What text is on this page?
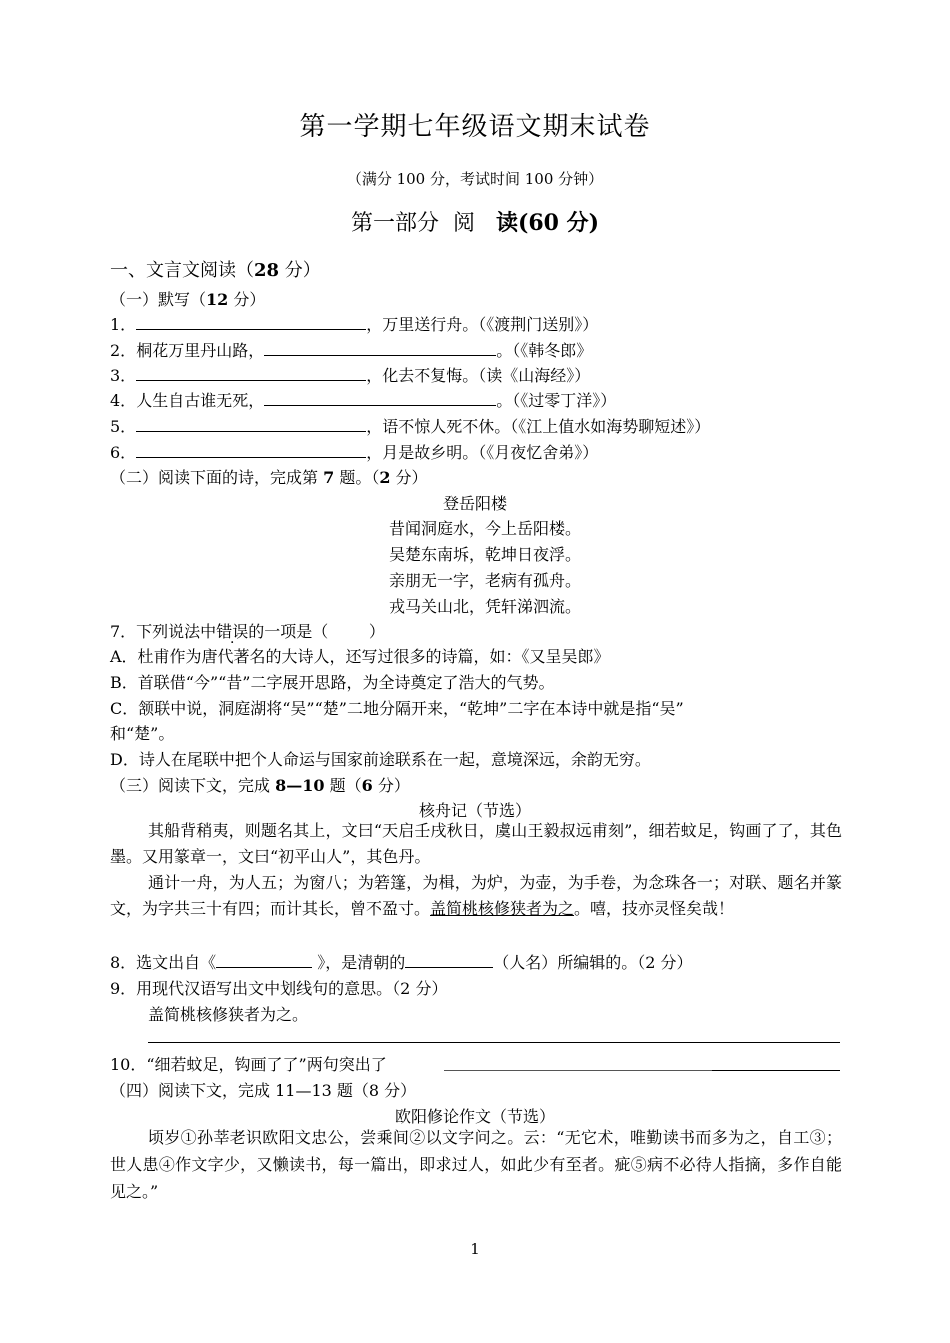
第一学期七年级语文期末试卷
（满分 100 分，考试时间 100 分钟）
第一部分  阅   读(60 分)
一、文言文阅读（28 分）
（一）默写（12 分）
1．	，万里送行舟。（《渡荆门送别》）
2．桐花万里丹山路，	。（《韩冬郎》
3．	，化去不复悔。（读《山海经》）
4．人生自古谁无死，	。（《过零丁洋》）
5．	，语不惊人死不休。（《江上值水如海势聊短述》）
6．	，月是故乡明。（《月夜忆舍弟》）
（二）阅读下面的诗，完成第 7 题。（2 分）
登岳阳楼
昔闻洞庭水，今上岳阳楼。
吴楚东南坼，乾坤日夜浮。
亲朋无一字，老病有孤舟。
戎马关山北，凭轩涕泗流。
7．下列说法中错误的一项是（        ）
A．杜甫作为唐代著名的大诗人，还写过很多的诗篇，如：《又呈吴郎》
B．首联借“今”“昔”二字展开思路，为全诗奠定了浩大的气势。
C．颔联中说，洞庭湖将“吴”“楚”二地分隔开来，“乾坤”二字在本诗中就是指“吴”
和“楚”。
D．诗人在尾联中把个人命运与国家前途联系在一起，意境深远，余韵无穷。
（三）阅读下文，完成 8—10 题（6 分）
核舟记（节选）
其船背稍夷，则题名其上，文曰“天启壬戌秋日，虞山王毅叔远甫刻”，细若蚊足，钩画了了，其色墨。又用篆章一，文曰“初平山人”，其色丹。
通计一舟，为人五；为窗八；为箬篷，为楫，为炉，为壶，为手卷，为念珠各一；对联、题名并篆文，为字共三十有四；而计其长，曾不盈寸。盖简桃核修狭者为之。嘻，技亦灵怪矣哉！
8．选文出自《	》，是清朝的	（人名）所编辑的。（2 分）
9．用现代汉语写出文中划线句的意思。（2 分）
盖简桃核修狭者为之。
10．“细若蚊足，钩画了了”两句突出了
（四）阅读下文，完成 11—13 题（8 分）
欧阳修论作文（节选）
顷岁①孙莘老识欧阳文忠公，尝乘间②以文字问之。云：“无它术，唯勤读书而多为之，自工③；世人患④作文字少，又懒读书，每一篇出，即求过人，如此少有至者。疵⑤病不必待人指摘，多作自能见之。”
1
